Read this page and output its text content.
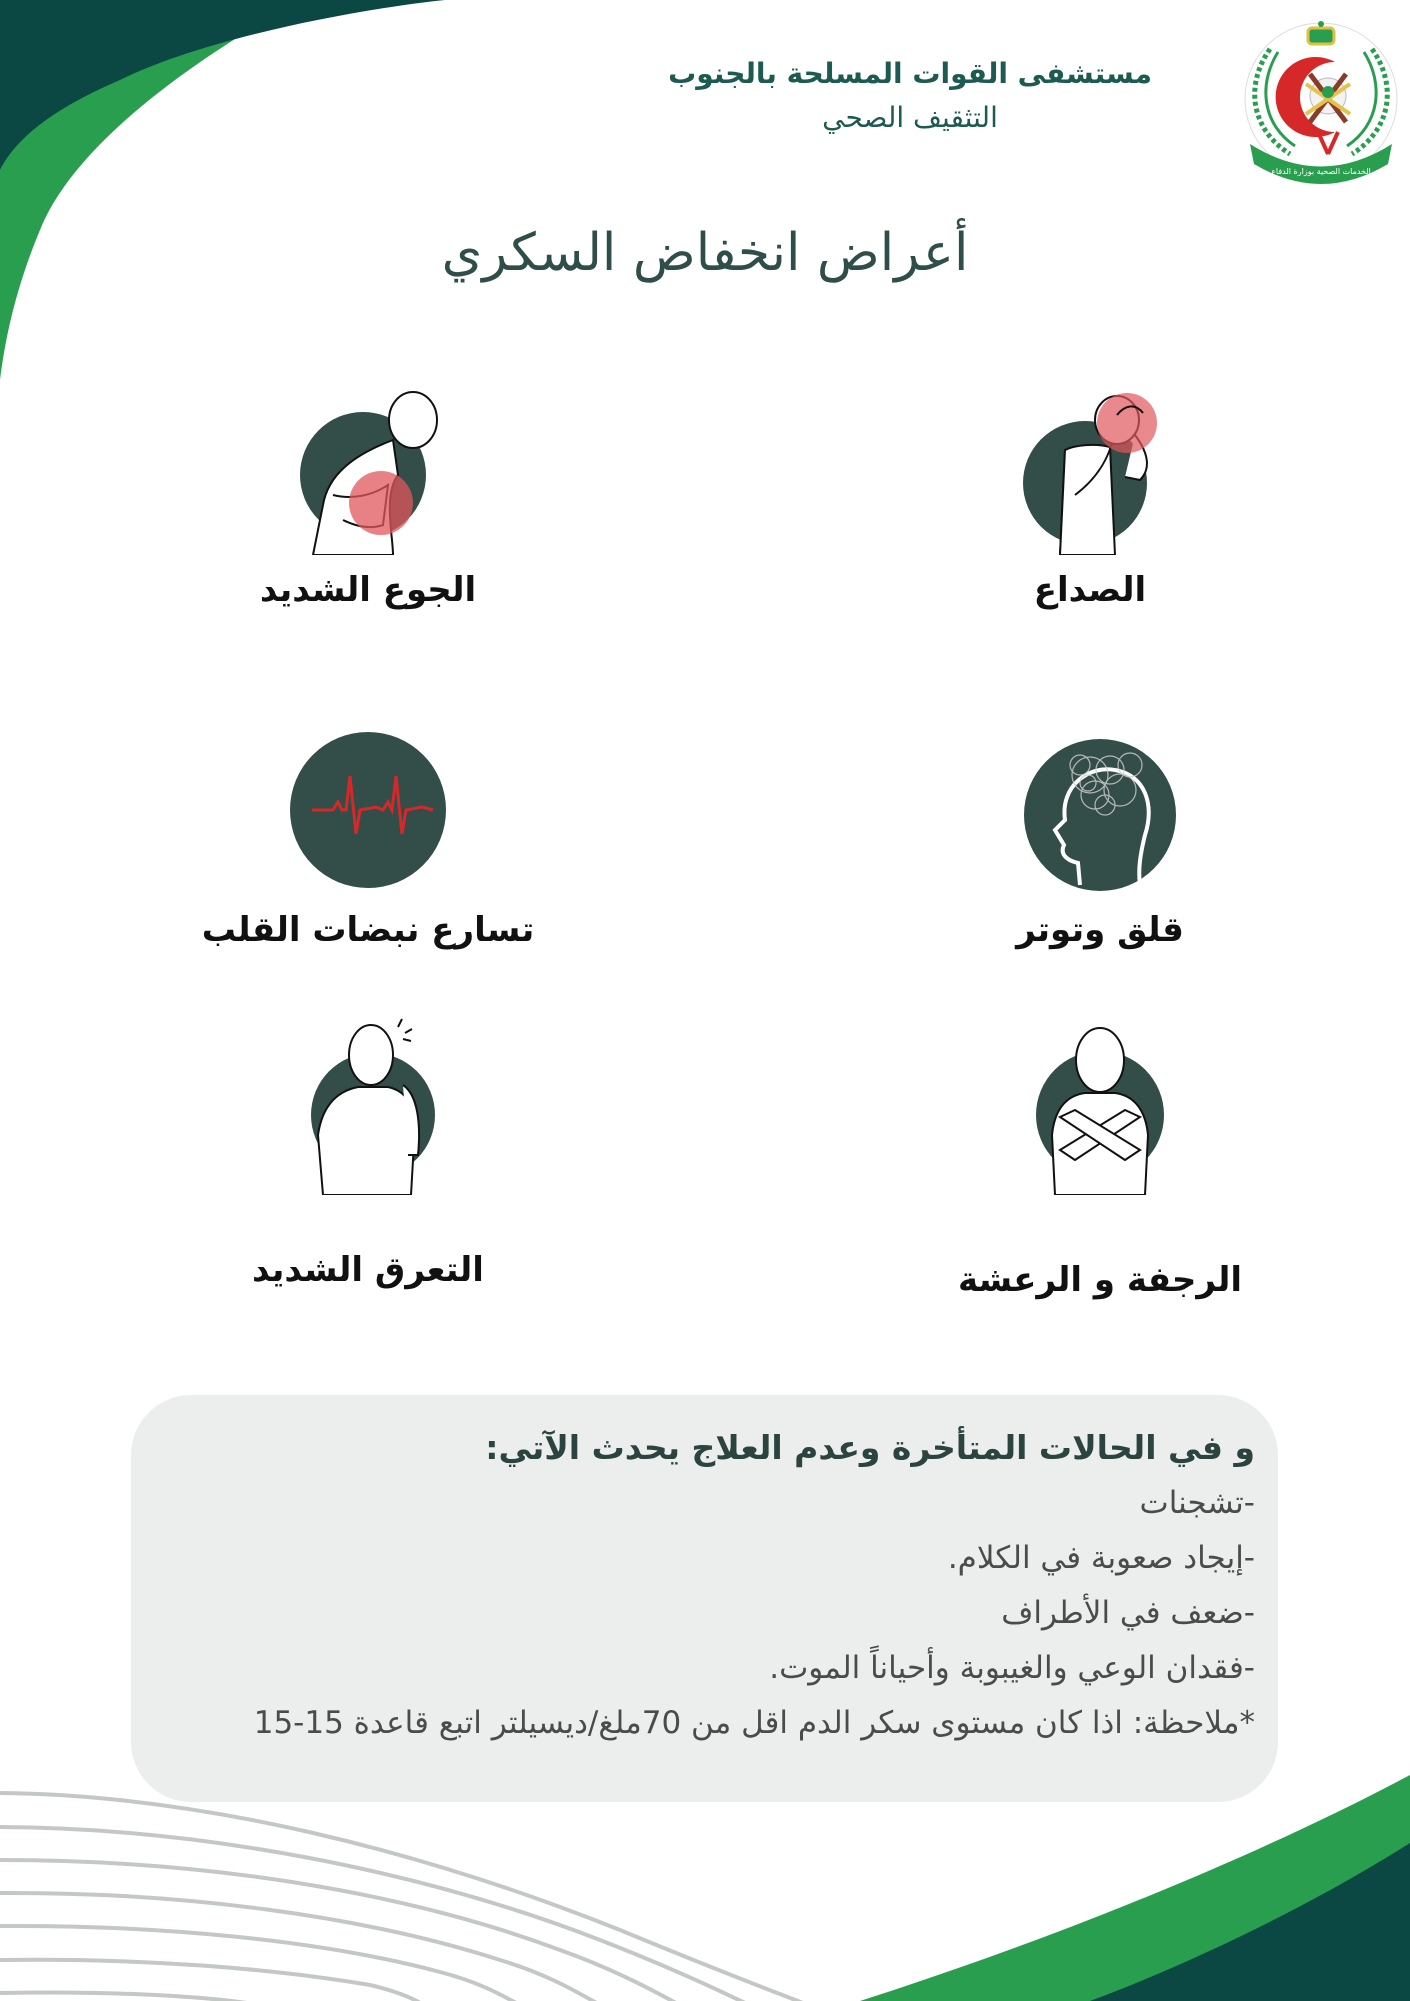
مستشفى القوات المسلحة بالجنوب
التثقيف الصحي
الخدمات الصحية بوزارة الدفاع
أعراض انخفاض السكري
الصداع
الجوع الشديد
قلق وتوتر
تسارع نبضات القلب
الرجفة و الرعشة
التعرق الشديد
و في الحالات المتأخرة وعدم العلاج يحدث الآتي:
-تشجنات
-إيجاد صعوبة في الكلام.
-ضعف في الأطراف
-فقدان الوعي والغيبوبة وأحياناً الموت.
*ملاحظة: اذا كان مستوى سكر الدم اقل من 70ملغ/ديسيلتر اتبع قاعدة 15-15
